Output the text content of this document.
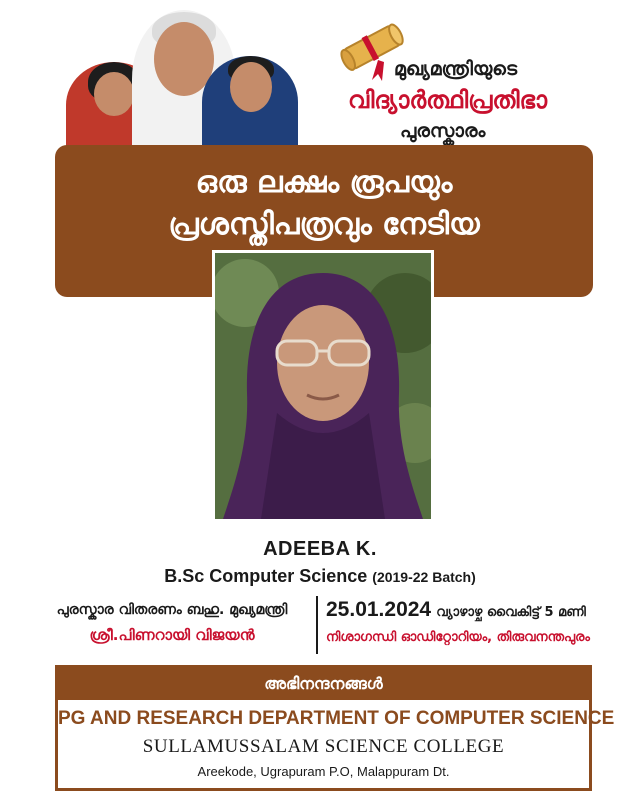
മുഖ്യമന്ത്രിയുടെ
വിദ്യാർത്ഥിപ്രതിഭാ
പുരസ്കാരം
ഒരു ലക്ഷം രൂപയും
പ്രശസ്തിപത്രവും നേടിയ
ADEEBA K.
B.Sc Computer Science (2019-22 Batch)
പുരസ്കാര വിതരണം ബഹു. മുഖ്യമന്ത്രി
ശ്രീ.പിണറായി വിജയൻ
25.01.2024 വ്യാഴാഴ്ച വൈകിട്ട് 5 മണി
നിശാഗന്ധി ഓഡിറ്റോറിയം, തിരുവനന്തപുരം
അഭിനന്ദനങ്ങൾ
PG AND RESEARCH DEPARTMENT OF COMPUTER SCIENCE
SULLAMUSSALAM SCIENCE COLLEGE
Areekode, Ugrapuram P.O, Malappuram Dt.
